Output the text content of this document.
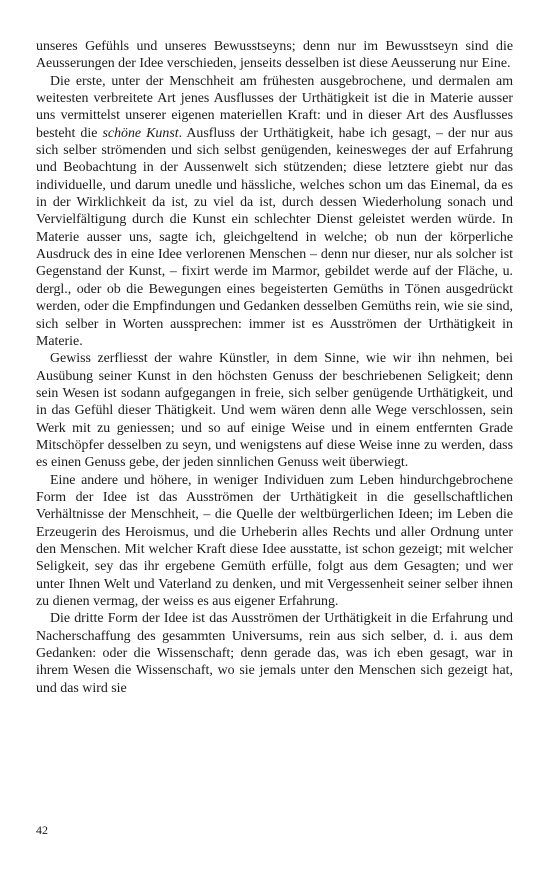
unseres Gefühls und unseres Bewusstseyns; denn nur im Bewusstseyn sind die Aeusserungen der Idee verschieden, jenseits desselben ist diese Aeusserung nur Eine.

Die erste, unter der Menschheit am frühesten ausgebrochene, und dermalen am weitesten verbreitete Art jenes Ausflusses der Urthätigkeit ist die in Materie ausser uns vermittelst unserer eigenen materiellen Kraft: und in dieser Art des Ausflusses besteht die schöne Kunst. Ausfluss der Urthätigkeit, habe ich gesagt, – der nur aus sich selber strömenden und sich selbst genügenden, keinesweges der auf Erfahrung und Beobachtung in der Aussenwelt sich stützenden; diese letztere giebt nur das individuelle, und darum unedle und hässliche, welches schon um das Einemal, da es in der Wirklichkeit da ist, zu viel da ist, durch dessen Wiederholung sonach und Vervielfältigung durch die Kunst ein schlechter Dienst geleistet werden würde. In Materie ausser uns, sagte ich, gleichgeltend in welche; ob nun der körperliche Ausdruck des in eine Idee verlorenen Menschen – denn nur dieser, nur als solcher ist Gegenstand der Kunst, – fixirt werde im Marmor, gebildet werde auf der Fläche, u. dergl., oder ob die Bewegungen eines begeisterten Gemüths in Tönen ausgedrückt werden, oder die Empfindungen und Gedanken desselben Gemüths rein, wie sie sind, sich selber in Worten aussprechen: immer ist es Ausströmen der Urthätigkeit in Materie.

Gewiss zerfliesst der wahre Künstler, in dem Sinne, wie wir ihn nehmen, bei Ausübung seiner Kunst in den höchsten Genuss der beschriebenen Seligkeit; denn sein Wesen ist sodann aufgegangen in freie, sich selber genügende Urthätigkeit, und in das Gefühl dieser Thätigkeit. Und wem wären denn alle Wege verschlossen, sein Werk mit zu geniessen; und so auf einige Weise und in einem entfernten Grade Mitschöpfer desselben zu seyn, und wenigstens auf diese Weise inne zu werden, dass es einen Genuss gebe, der jeden sinnlichen Genuss weit überwiegt.

Eine andere und höhere, in weniger Individuen zum Leben hindurchgebrochene Form der Idee ist das Ausströmen der Urthätigkeit in die gesellschaftlichen Verhältnisse der Menschheit, – die Quelle der weltbürgerlichen Ideen; im Leben die Erzeugerin des Heroismus, und die Urheberin alles Rechts und aller Ordnung unter den Menschen. Mit welcher Kraft diese Idee ausstatte, ist schon gezeigt; mit welcher Seligkeit, sey das ihr ergebene Gemüth erfülle, folgt aus dem Gesagten; und wer unter Ihnen Welt und Vaterland zu denken, und mit Vergessenheit seiner selber ihnen zu dienen vermag, der weiss es aus eigener Erfahrung.

Die dritte Form der Idee ist das Ausströmen der Urthätigkeit in die Erfahrung und Nacherschaffung des gesammten Universums, rein aus sich selber, d. i. aus dem Gedanken: oder die Wissenschaft; denn gerade das, was ich eben gesagt, war in ihrem Wesen die Wissenschaft, wo sie jemals unter den Menschen sich gezeigt hat, und das wird sie

42
